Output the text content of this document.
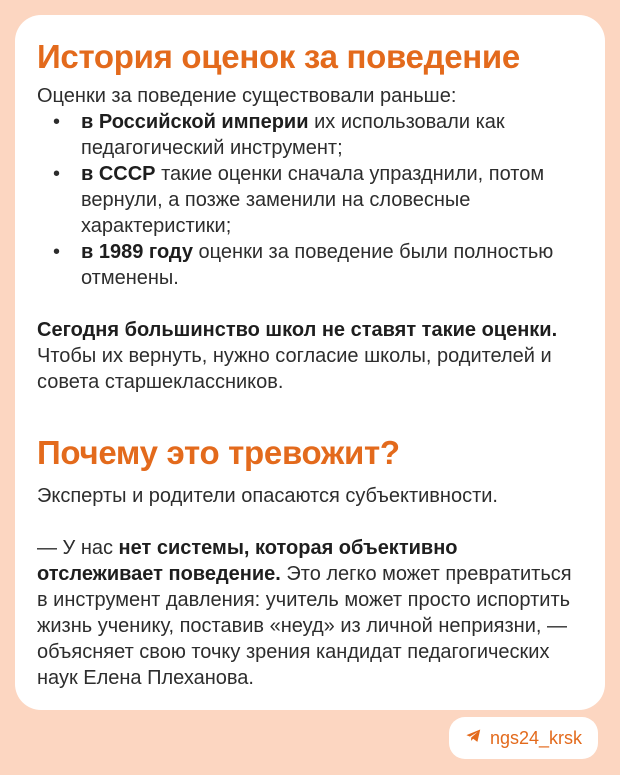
История оценок за поведение

Оценки за поведение существовали раньше:

• в Российской империи их использовали как педагогический инструмент;
• в СССР такие оценки сначала упразднили, потом вернули, а позже заменили на словесные характеристики;
• в 1989 году оценки за поведение были полностью отменены.

Сегодня большинство школ не ставят такие оценки. Чтобы их вернуть, нужно согласие школы, родителей и совета старшеклассников.

Почему это тревожит?

Эксперты и родители опасаются субъективности.

— У нас нет системы, которая объективно отслеживает поведение. Это легко может превратиться в инструмент давления: учитель может просто испортить жизнь ученику, поставив «неуд» из личной неприязни, — объясняет свою точку зрения кандидат педагогических наук Елена Плеханова.

ngs24_krsk
